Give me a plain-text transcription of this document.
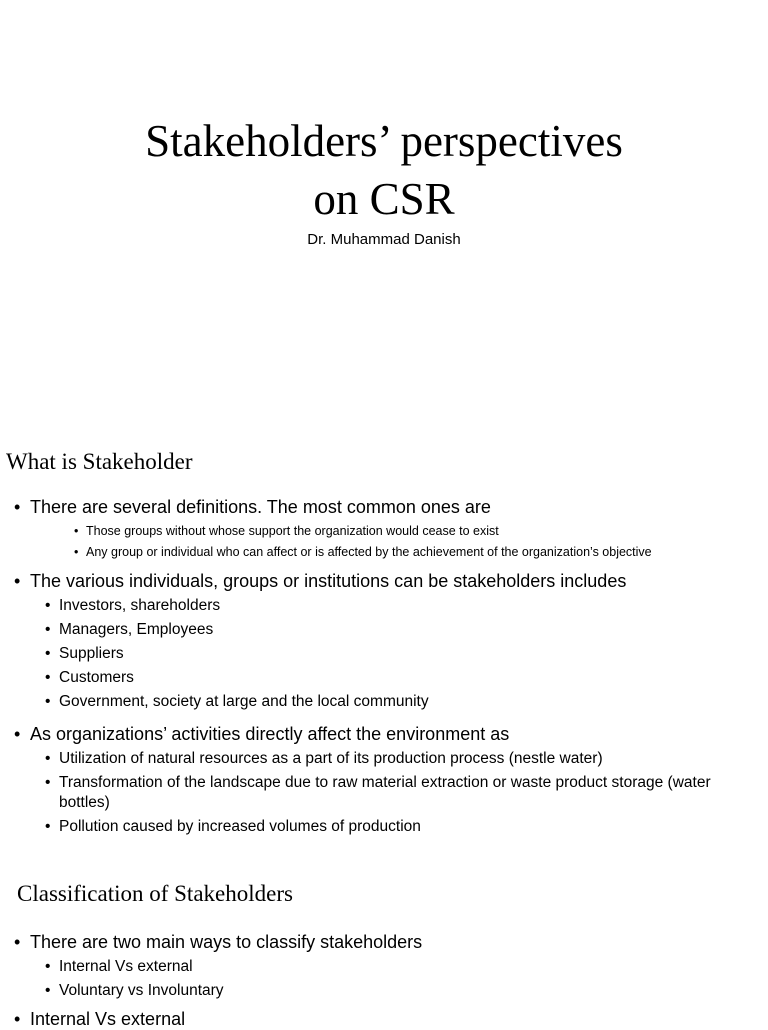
Stakeholders’ perspectives
on CSR
Dr. Muhammad Danish
What is Stakeholder
• There are several definitions. The most common ones are
• Those groups without whose support the organization would cease to exist
• Any group or individual who can affect or is affected by the achievement of the organization’s objective
• The various individuals, groups or institutions can be stakeholders includes
• Investors, shareholders
• Managers, Employees
• Suppliers
• Customers
• Government, society at large and the local community
• As organizations’ activities directly affect the environment as
• Utilization of natural resources as a part of its production process (nestle water)
• Transformation of the landscape due to raw material extraction or waste product storage (water bottles)
• Pollution caused by increased volumes of production
Classification of Stakeholders
• There are two main ways to classify stakeholders
• Internal Vs external
• Voluntary vs Involuntary
• Internal Vs external
